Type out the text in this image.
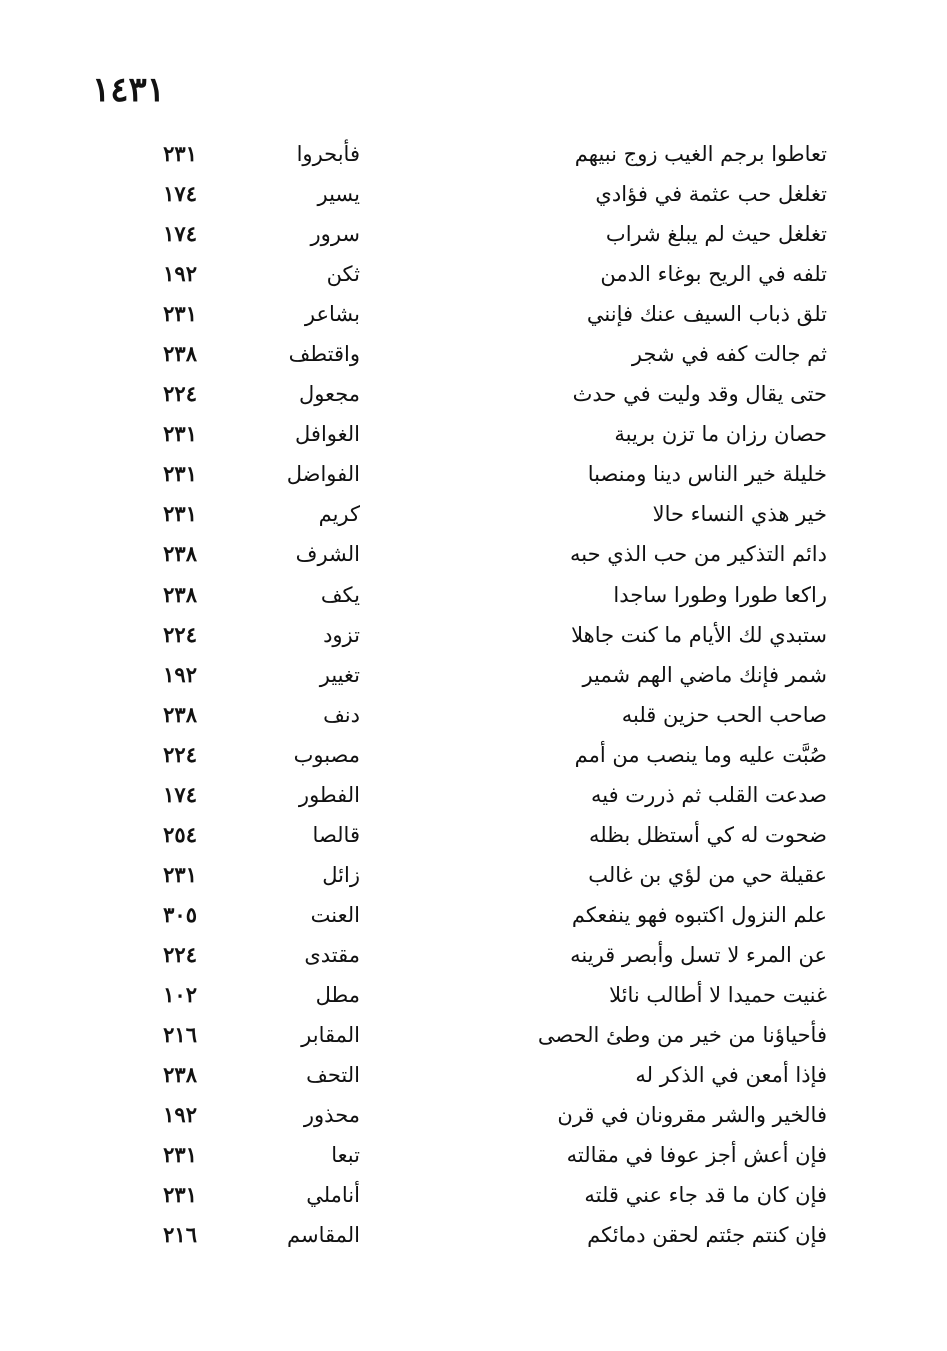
١٤٣١
تعاطوا برجم الغيب زوج نبيهم
فأبحروا
٢٣١
تغلغل حب عثمة في فؤادي
يسير
١٧٤
تغلغل حيث لم يبلغ شراب
سرور
١٧٤
تلفه في الريح بوغاء الدمن
ثكن
١٩٢
تلق ذباب السيف عنك فإنني
بشاعر
٢٣١
ثم جالت كفه في شجر
واقتطف
٢٣٨
حتى يقال وقد وليت في حدث
مجعول
٢٢٤
حصان رزان ما تزن بريبة
الغوافل
٢٣١
خليلة خير الناس دينا ومنصبا
الفواضل
٢٣١
خير هذي النساء حالا
كريم
٢٣١
دائم التذكير من حب الذي حبه
الشرف
٢٣٨
راكعا طورا وطورا ساجدا
يكف
٢٣٨
ستبدي لك الأيام ما كنت جاهلا
تزود
٢٢٤
شمر فإنك ماضي الهم شمير
تغيير
١٩٢
صاحب الحب حزين قلبه
دنف
٢٣٨
صُبَّت عليه وما ينصب من أمم
مصبوب
٢٢٤
صدعت القلب ثم ذررت فيه
الفطور
١٧٤
ضحوت له كي أستظل بظله
قالصا
٢٥٤
عقيلة حي من لؤي بن غالب
زائل
٢٣١
علم النزول اكتبوه فهو ينفعكم
العنت
٣٠٥
عن المرء لا تسل وأبصر قرينه
مقتدى
٢٢٤
غنيت حميدا لا أطالب نائلا
مطل
١٠٢
فأحياؤنا من خير من وطئ الحصى
المقابر
٢١٦
فإذا أمعن في الذكر له
التحف
٢٣٨
فالخير والشر مقرونان في قرن
محذور
١٩٢
فإن أعش أجز عوفا في مقالته
تبعا
٢٣١
فإن كان ما قد جاء عني قلته
أناملي
٢٣١
فإن كنتم جئتم لحقن دمائكم
المقاسم
٢١٦
